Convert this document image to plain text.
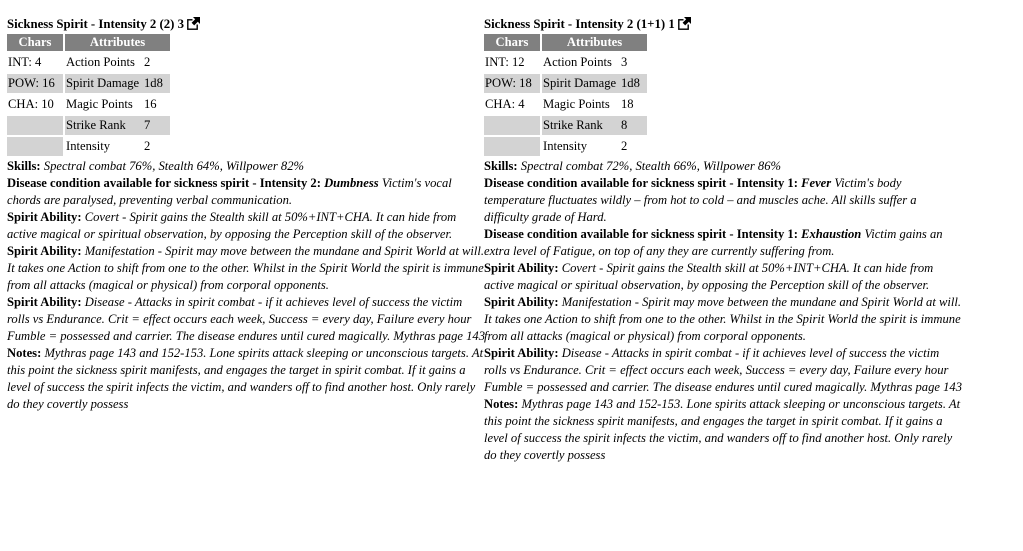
Sickness Spirit - Intensity 2 (2) 3
Chars	Attributes
INT: 4	Action Points 2
POW: 16	Spirit Damage 1d8
CHA: 10	Magic Points 16
	Strike Rank 7
	Intensity 2

Skills: Spectral combat 76%, Stealth 64%, Willpower 82%

Disease condition available for sickness spirit - Intensity 2: Dumbness Victim's vocal chords are paralysed, preventing verbal communication.

Spirit Ability: Covert - Spirit gains the Stealth skill at 50%+INT+CHA. It can hide from active magical or spiritual observation, by opposing the Perception skill of the observer.

Spirit Ability: Manifestation - Spirit may move between the mundane and Spirit World at will. It takes one Action to shift from one to the other. Whilst in the Spirit World the spirit is immune from all attacks (magical or physical) from corporal opponents.

Spirit Ability: Disease - Attacks in spirit combat - if it achieves level of success the victim rolls vs Endurance. Crit = effect occurs each week, Success = every day, Failure every hour Fumble = possessed and carrier. The disease endures until cured magically. Mythras page 143

Notes: Mythras page 143 and 152-153. Lone spirits attack sleeping or unconscious targets. At this point the sickness spirit manifests, and engages the target in spirit combat. If it gains a level of success the spirit infects the victim, and wanders off to find another host. Only rarely do they covertly possess

Sickness Spirit - Intensity 2 (1+1) 1
Chars	Attributes
INT: 12	Action Points 3
POW: 18	Spirit Damage 1d8
CHA: 4	Magic Points 18
	Strike Rank 8
	Intensity 2

Skills: Spectral combat 72%, Stealth 66%, Willpower 86%

Disease condition available for sickness spirit - Intensity 1: Fever Victim's body temperature fluctuates wildly – from hot to cold – and muscles ache. All skills suffer a difficulty grade of Hard.

Disease condition available for sickness spirit - Intensity 1: Exhaustion Victim gains an extra level of Fatigue, on top of any they are currently suffering from.

Spirit Ability: Covert - Spirit gains the Stealth skill at 50%+INT+CHA. It can hide from active magical or spiritual observation, by opposing the Perception skill of the observer.

Spirit Ability: Manifestation - Spirit may move between the mundane and Spirit World at will. It takes one Action to shift from one to the other. Whilst in the Spirit World the spirit is immune from all attacks (magical or physical) from corporal opponents.

Spirit Ability: Disease - Attacks in spirit combat - if it achieves level of success the victim rolls vs Endurance. Crit = effect occurs each week, Success = every day, Failure every hour Fumble = possessed and carrier. The disease endures until cured magically. Mythras page 143

Notes: Mythras page 143 and 152-153. Lone spirits attack sleeping or unconscious targets. At this point the sickness spirit manifests, and engages the target in spirit combat. If it gains a level of success the spirit infects the victim, and wanders off to find another host. Only rarely do they covertly possess
